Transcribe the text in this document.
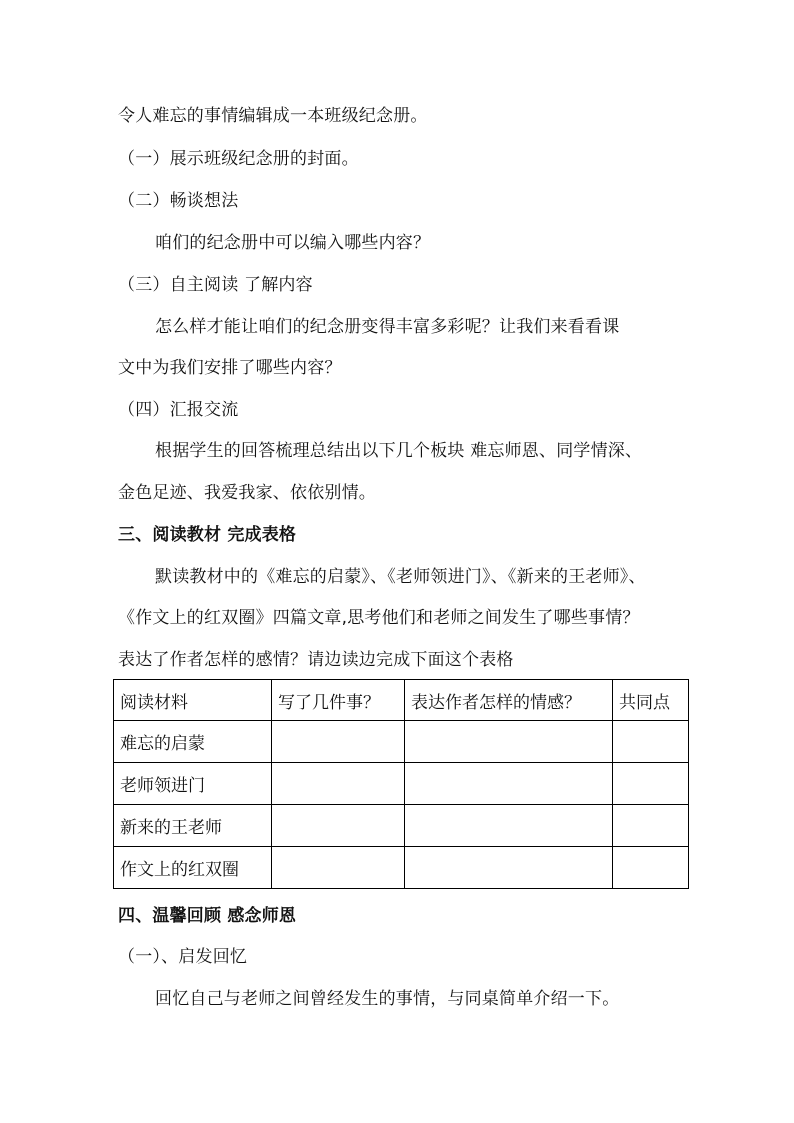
令人难忘的事情编辑成一本班级纪念册。
（一）展示班级纪念册的封面。
（二）畅谈想法
咱们的纪念册中可以编入哪些内容？
（三）自主阅读 了解内容
怎么样才能让咱们的纪念册变得丰富多彩呢？让我们来看看课
文中为我们安排了哪些内容？
（四）汇报交流
根据学生的回答梳理总结出以下几个板块 难忘师恩、同学情深、
金色足迹、我爱我家、依依别情。
三、阅读教材 完成表格
默读教材中的《难忘的启蒙》、《老师领进门》、《新来的王老师》、
《作文上的红双圈》四篇文章,思考他们和老师之间发生了哪些事情？
表达了作者怎样的感情？请边读边完成下面这个表格
阅读材料	写了几件事？	表达作者怎样的情感？	共同点
难忘的启蒙			
老师领进门			
新来的王老师			
作文上的红双圈			
四、温馨回顾 感念师恩
（一）、启发回忆
回忆自己与老师之间曾经发生的事情，与同桌简单介绍一下。
